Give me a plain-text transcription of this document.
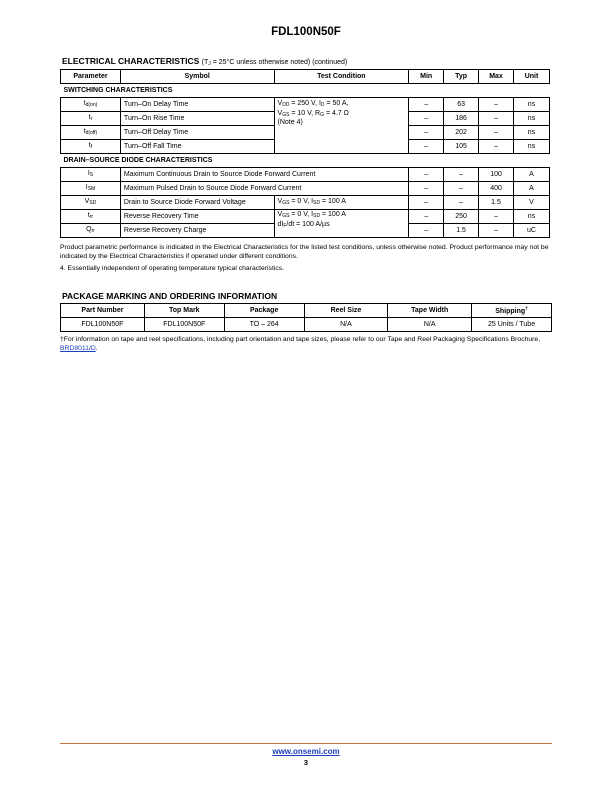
FDL100N50F
ELECTRICAL CHARACTERISTICS ($T_J = 25^\circ C$ unless otherwise noted) (continued)
Parameter	Symbol	Test Condition	Min	Typ	Max	Unit
SWITCHING CHARACTERISTICS						
$t_{d(on)}$	Turn–On Delay Time	$V_{DD} = 250$ V, $I_D = 50$ A,
$V_{GS} = 10$ V, $R_G = 4.7$ Ω
(Note 4)	–	63	–	ns
$t_r$	Turn–On Rise Time		–	186	–	ns
$t_{d(off)}$	Turn–Off Delay Time		–	202	–	ns
$t_f$	Turn–Off Fall Time		–	105	–	ns
DRAIN–SOURCE DIODE CHARACTERISTICS						
$I_S$	Maximum Continuous Drain to Source Diode Forward Current		–	–	100	A
$I_{SM}$	Maximum Pulsed Drain to Source Diode Forward Current		–	–	400	A
$V_{SD}$	Drain to Source Diode Forward Voltage	$V_{GS} = 0$ V, $I_{SD} = 100$ A	–	–	1.5	V
$t_{rr}$	Reverse Recovery Time	$V_{GS} = 0$ V, $I_{SD} = 100$ A
$dI_F/dt = 100$ A/µs	–	250	–	ns
$Q_{rr}$	Reverse Recovery Charge		–	1.5	–	uC
Product parametric performance is indicated in the Electrical Characteristics for the listed test conditions, unless otherwise noted. Product performance may not be indicated by the Electrical Characteristics if operated under different conditions.
4. Essentially independent of operating temperature typical characteristics.
PACKAGE MARKING AND ORDERING INFORMATION
Part Number	Top Mark	Package	Reel Size	Tape Width	Shipping†
FDL100N50F	FDL100N50F	TO – 264	N/A	N/A	25 Units / Tube
†For information on tape and reel specifications, including part orientation and tape sizes, please refer to our Tape and Reel Packaging Specifications Brochure, BRD8011/D.
www.onsemi.com
3
